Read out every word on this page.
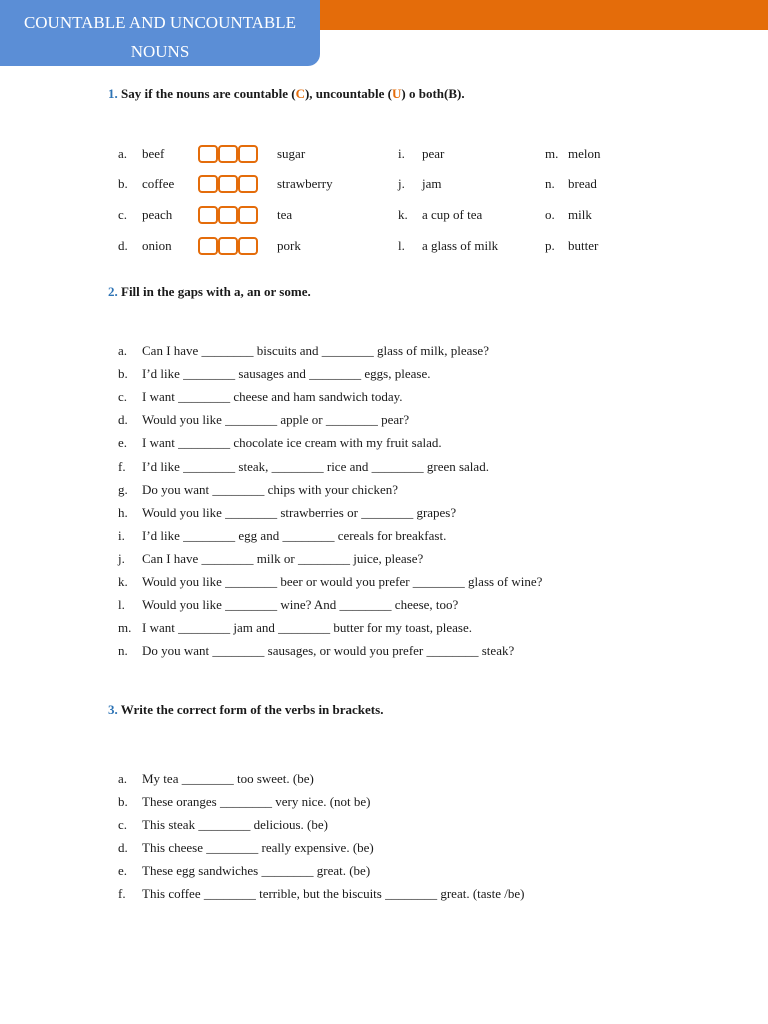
COUNTABLE AND UNCOUNTABLE
NOUNS
1. Say if the nouns are countable (C), uncountable (U) o both(B).
a. beef	sugar	i. pear	m. melon
b. coffee	strawberry	j. jam	n. bread
c. peach	tea	k. a cup of tea	o. milk
d. onion	pork	l. a glass of milk	p. butter
2. Fill in the gaps with a, an or some.
a. Can I have ________ biscuits and ________ glass of milk, please?
b. I’d like ________ sausages and ________ eggs, please.
c. I want ________ cheese and ham sandwich today.
d. Would you like ________ apple or ________ pear?
e. I want ________ chocolate ice cream with my fruit salad.
f. I’d like ________ steak, ________ rice and ________ green salad.
g. Do you want ________ chips with your chicken?
h. Would you like ________ strawberries or ________ grapes?
i. I’d like ________ egg and ________ cereals for breakfast.
j. Can I have ________ milk or ________ juice, please?
k. Would you like ________ beer or would you prefer ________ glass of wine?
l. Would you like ________ wine? And ________ cheese, too?
m. I want ________ jam and ________ butter for my toast, please.
n. Do you want ________ sausages, or would you prefer ________ steak?
3. Write the correct form of the verbs in brackets.
a. My tea ________ too sweet. (be)
b. These oranges ________ very nice. (not be)
c. This steak ________ delicious. (be)
d. This cheese ________ really expensive. (be)
e. These egg sandwiches ________ great. (be)
f. This coffee ________ terrible, but the biscuits ________ great. (taste /be)
